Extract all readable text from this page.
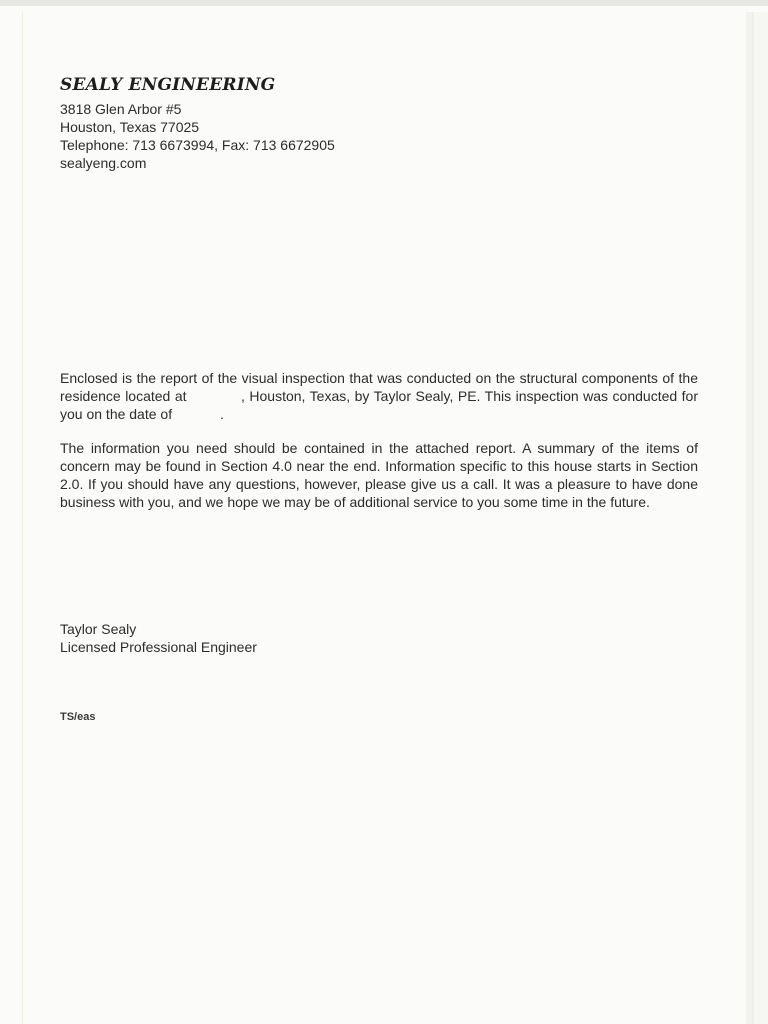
SEALY ENGINEERING
3818 Glen Arbor #5
Houston, Texas 77025
Telephone: 713 6673994, Fax: 713 6672905
sealyeng.com
Enclosed is the report of the visual inspection that was conducted on the structural components of the residence located at	, Houston, Texas, by Taylor Sealy, PE. This inspection was conducted for you on the date of	.
The information you need should be contained in the attached report. A summary of the items of concern may be found in Section 4.0 near the end. Information specific to this house starts in Section 2.0. If you should have any questions, however, please give us a call. It was a pleasure to have done business with you, and we hope we may be of additional service to you some time in the future.
Taylor Sealy
Licensed Professional Engineer
TS/eas
